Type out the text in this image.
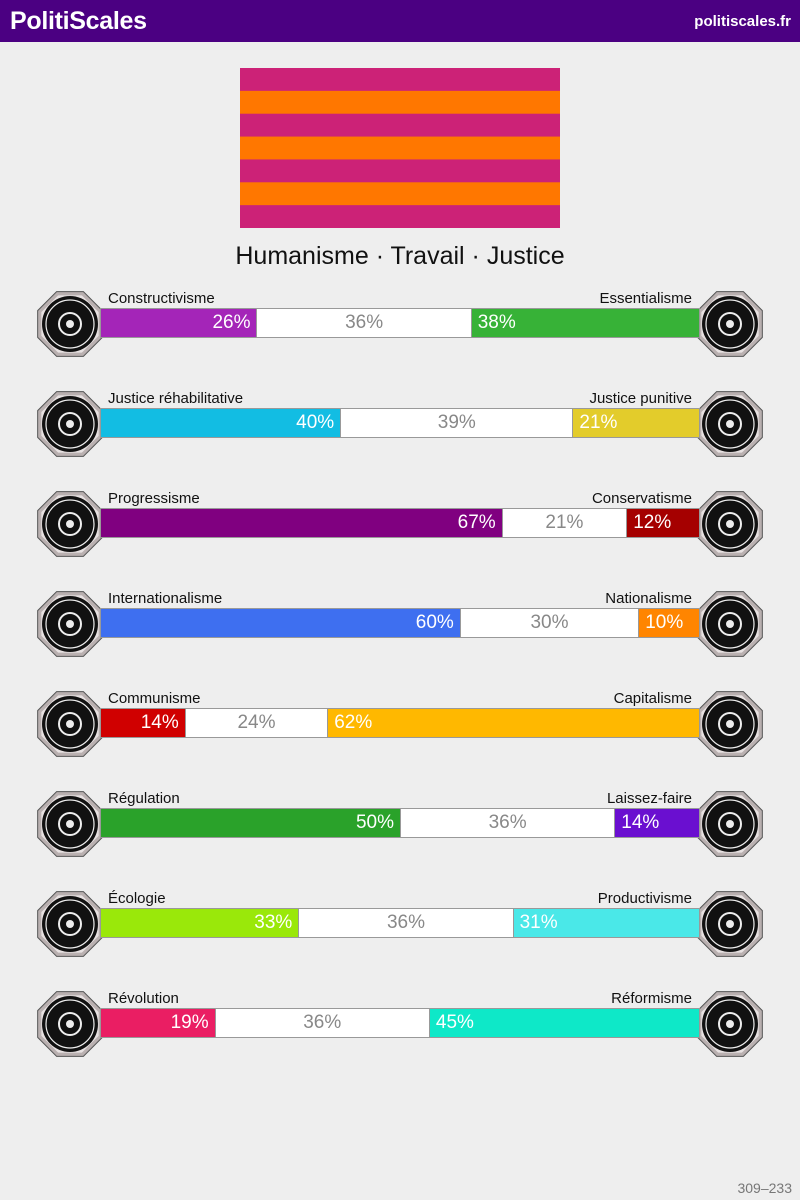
PolitiScales	politiscales.fr
Humanisme · Travail · Justice
Constructivisme	Essentialisme
26%	36%	38%
Justice réhabilitative	Justice punitive
40%	39%	21%
Progressisme	Conservatisme
67%	21%	12%
Internationalisme	Nationalisme
60%	30%	10%
Communisme	Capitalisme
14%	24%	62%
Régulation	Laissez-faire
50%	36%	14%
Écologie	Productivisme
33%	36%	31%
Révolution	Réformisme
19%	36%	45%
309–233
